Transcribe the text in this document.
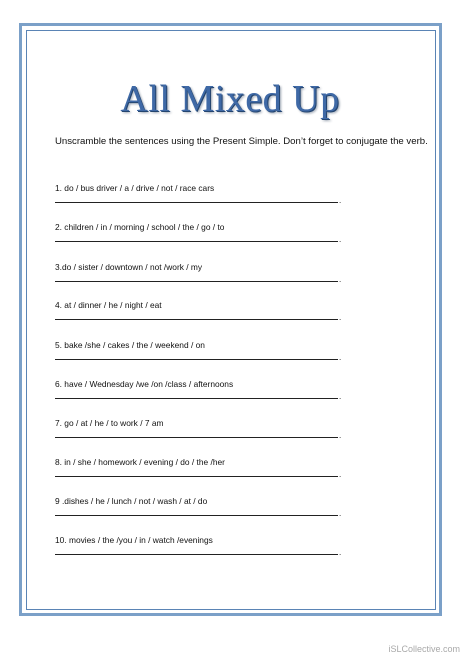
All Mixed Up
Unscramble the sentences using the Present Simple. Don’t forget to conjugate the verb.
1. do / bus driver / a / drive / not / race cars
.
2. children / in / morning / school / the / go / to
.
3.do / sister / downtown / not /work / my
.
4. at / dinner / he / night / eat
.
5. bake /she / cakes / the / weekend / on
.
6. have / Wednesday /we /on /class / afternoons
.
7. go / at / he / to work / 7 am
.
8. in / she / homework / evening / do / the /her
.
9 .dishes / he / lunch / not / wash / at / do
.
10. movies / the /you / in / watch /evenings
.
iSLCollective.com
